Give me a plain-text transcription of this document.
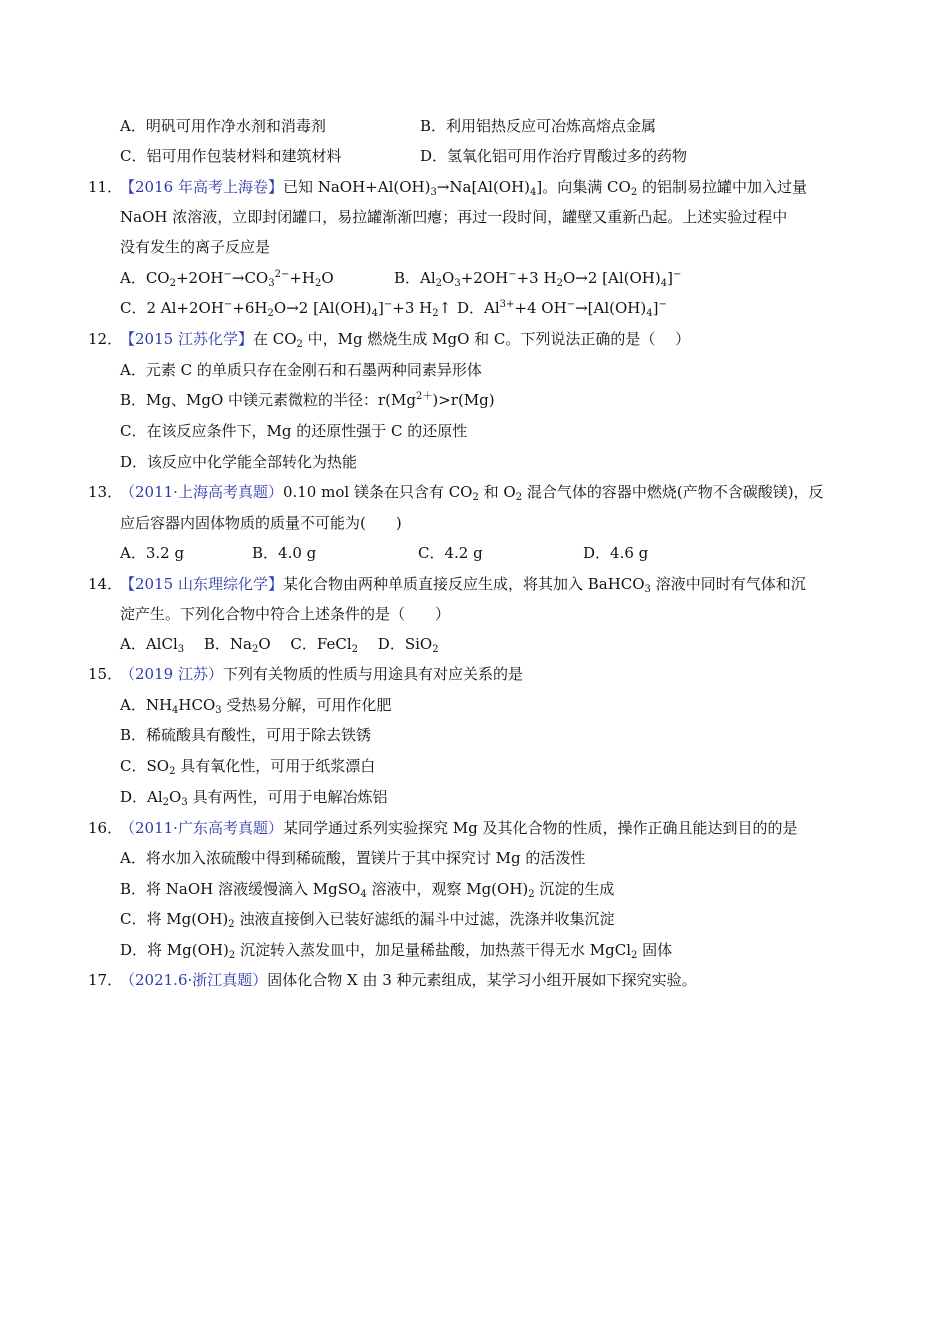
A．明矾可用作净水剂和消毒剂	B．利用铝热反应可冶炼高熔点金属
C．铝可用作包装材料和建筑材料	D．氢氧化铝可用作治疗胃酸过多的药物
11．
【2016 年高考上海卷】已知 $NaOH+Al(OH)_3\to Na[Al(OH)_4]$。向集满 $CO_2$ 的铝制易拉罐中加入过量
NaOH 浓溶液，立即封闭罐口，易拉罐渐渐凹瘪；再过一段时间，罐壁又重新凸起。上述实验过程中
没有发生的离子反应是
A．$CO_2+2OH^-\to CO_3^{2-}+H_2O$	B．$Al_2O_3+2OH^-+3$ $H_2O\to 2$ $[Al(OH)_4]^-$
C．2 $Al+2OH^-+6H_2O\to 2$ $[Al(OH)_4]^-+3$ $H_2↑$ D．$Al^{3+}+4$ $OH^-\to[Al(OH)_4]^-$
12．
【2015 江苏化学】在 $CO_2$ 中，Mg 燃烧生成 MgO 和 C。下列说法正确的是（　 ）
A．元素 C 的单质只存在金刚石和石墨两种同素异形体
B．Mg、MgO 中镁元素微粒的半径：$r(Mg^{2+})>r(Mg)$
C．在该反应条件下，Mg 的还原性强于 C 的还原性
D．该反应中化学能全部转化为热能
13．
（2011·上海高考真题）0.10 mol 镁条在只含有 $CO_2$ 和 $O_2$ 混合气体的容器中燃烧(产物不含碳酸镁)，反
应后容器内固体物质的质量不可能为(　　)
A．3.2 g	B．4.0 g	C．4.2 g	D．4.6 g
14．
【2015 山东理综化学】某化合物由两种单质直接反应生成，将其加入 BaHCO$_3$ 溶液中同时有气体和沉
淀产生。下列化合物中符合上述条件的是（　　）
A．AlCl$_3$　 B．$Na_2O$　 C．FeCl$_2$　 D．SiO$_2$
15．
（2019 江苏）下列有关物质的性质与用途具有对应关系的是
A．$NH_4HCO_3$ 受热易分解，可用作化肥
B．稀硫酸具有酸性，可用于除去铁锈
C．$SO_2$ 具有氧化性，可用于纸浆漂白
D．$Al_2O_3$ 具有两性，可用于电解冶炼铝
16．
（2011·广东高考真题）某同学通过系列实验探究 Mg 及其化合物的性质，操作正确且能达到目的的是
A．将水加入浓硫酸中得到稀硫酸，置镁片于其中探究讨 Mg 的活泼性
B．将 NaOH 溶液缓慢滴入 MgSO$_4$ 溶液中，观察 $Mg(OH)_2$ 沉淀的生成
C．将 $Mg(OH)_2$ 浊液直接倒入已装好滤纸的漏斗中过滤，洗涤并收集沉淀
D．将 $Mg(OH)_2$ 沉淀转入蒸发皿中，加足量稀盐酸，加热蒸干得无水 MgCl$_2$ 固体
17．
（2021.6·浙江真题）固体化合物 X 由 3 种元素组成，某学习小组开展如下探究实验。
